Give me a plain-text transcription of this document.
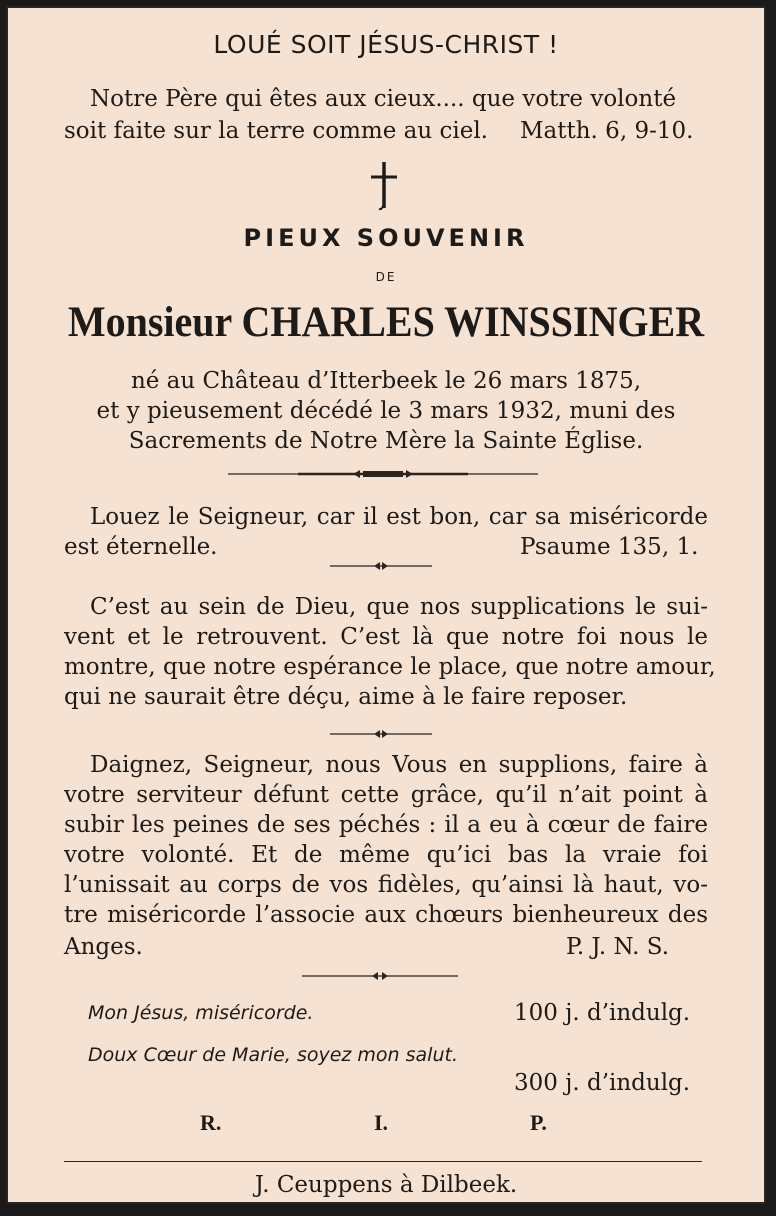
LOUÉ SOIT JÉSUS-CHRIST !
Notre Père qui êtes aux cieux.... que votre volonté
soit faite sur la terre comme au ciel. Matth. 6, 9-10.
PIEUX SOUVENIR
DE
Monsieur CHARLES WINSSINGER
né au Château d’Itterbeek le 26 mars 1875,
et y pieusement décédé le 3 mars 1932, muni des
Sacrements de Notre Mère la Sainte Église.
Louez le Seigneur, car il est bon, car sa miséricorde
est éternelle.	Psaume 135, 1.
C’est au sein de Dieu, que nos supplications le sui-
vent et le retrouvent. C’est là que notre foi nous le
montre, que notre espérance le place, que notre amour,
qui ne saurait être déçu, aime à le faire reposer.
Daignez, Seigneur, nous Vous en supplions, faire à
votre serviteur défunt cette grâce, qu’il n’ait point à
subir les peines de ses péchés : il a eu à cœur de faire
votre volonté. Et de même qu’ici bas la vraie foi
l’unissait au corps de vos fidèles, qu’ainsi là haut, vo-
tre miséricorde l’associe aux chœurs bienheureux des
Anges.	P. J. N. S.
Mon Jésus, miséricorde.	100 j. d’indulg.
Doux Cœur de Marie, soyez mon salut.
300 j. d’indulg.
R.	I.	P.
J. Ceuppens à Dilbeek.
